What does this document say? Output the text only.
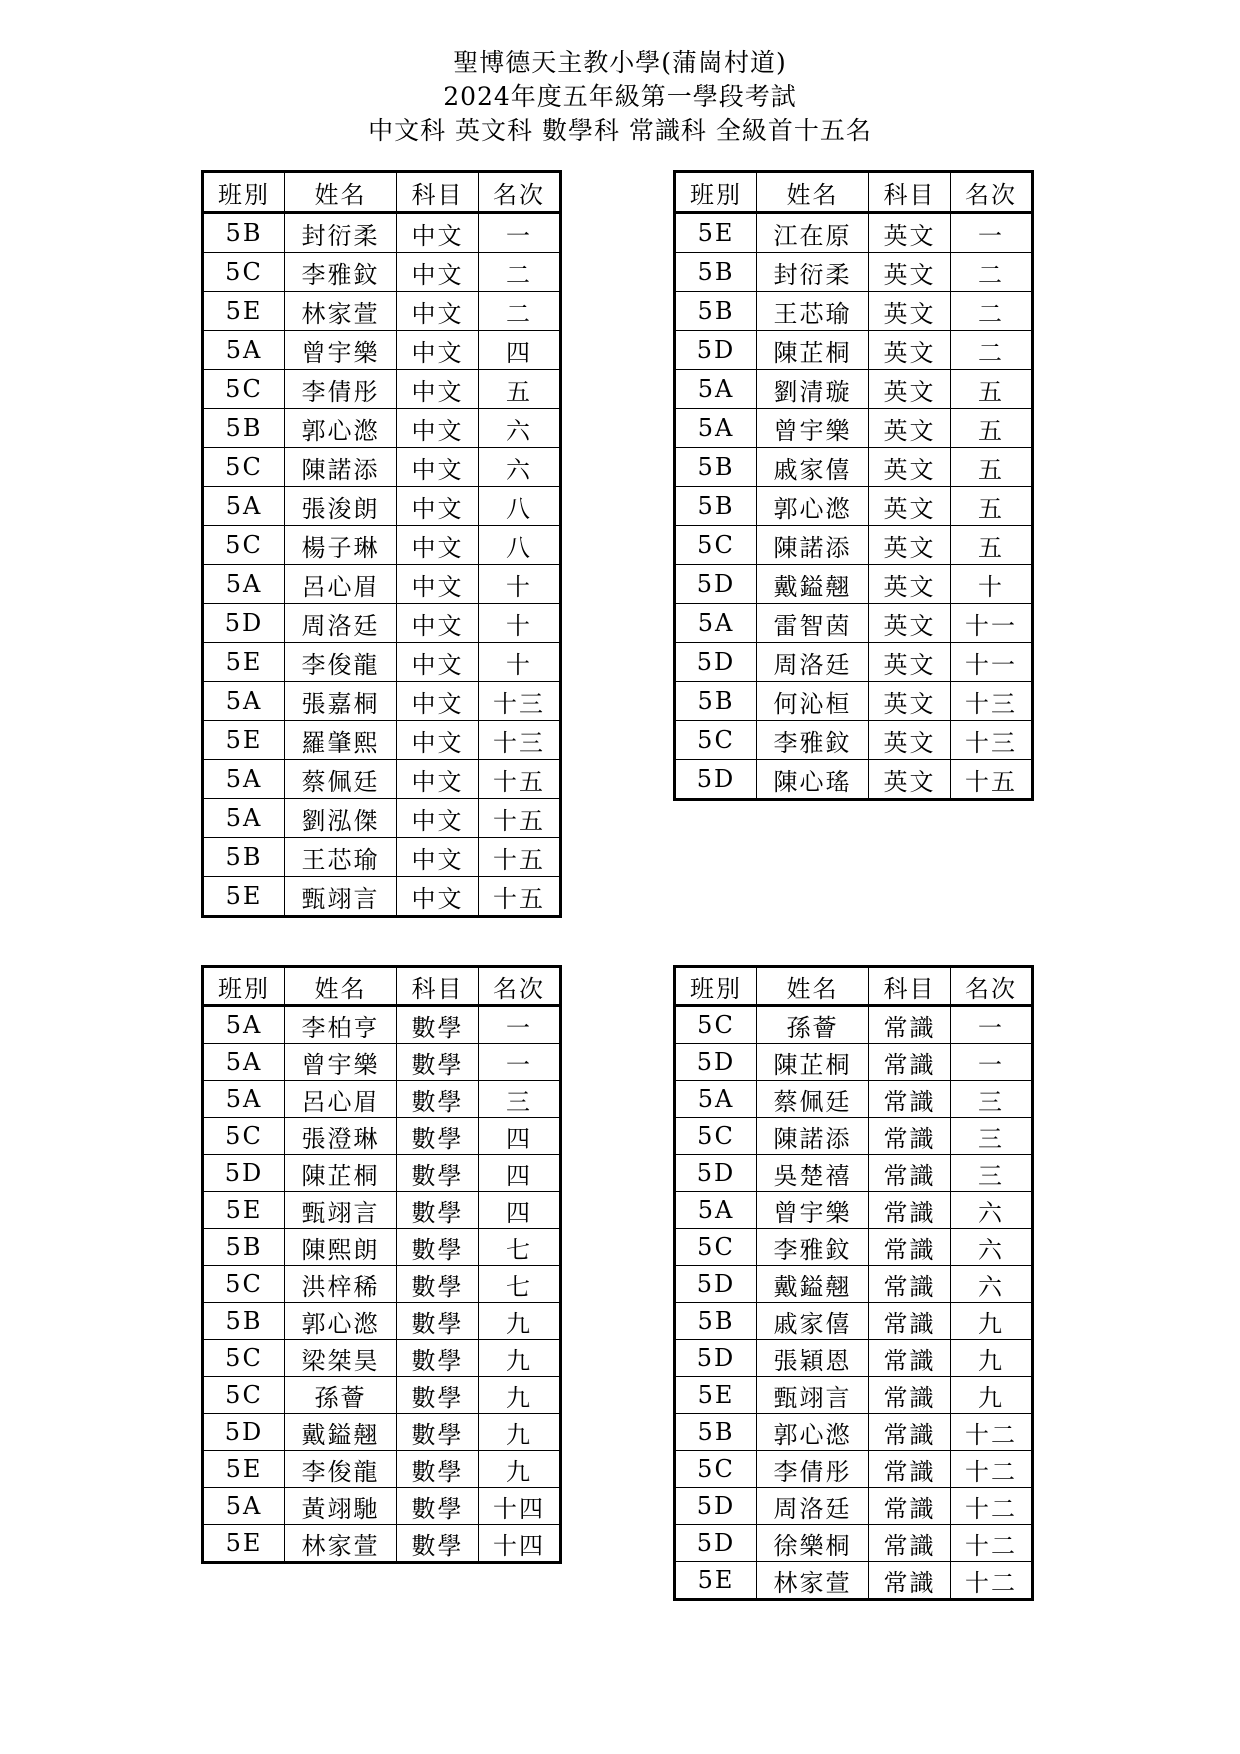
聖博德天主教小學(蒲崗村道)
2024年度五年級第一學段考試
中文科 英文科 數學科 常識科 全級首十五名
班別	姓名	科目	名次
5B	封衍柔	中文	一
5C	李雅鈫	中文	二
5E	林家萱	中文	二
5A	曾宇樂	中文	四
5C	李倩彤	中文	五
5B	郭心滺	中文	六
5C	陳諾添	中文	六
5A	張浚朗	中文	八
5C	楊子琳	中文	八
5A	呂心眉	中文	十
5D	周洛廷	中文	十
5E	李俊龍	中文	十
5A	張嘉桐	中文	十三
5E	羅肇熙	中文	十三
5A	蔡佩廷	中文	十五
5A	劉泓傑	中文	十五
5B	王芯瑜	中文	十五
5E	甄翊言	中文	十五
班別	姓名	科目	名次
5E	江在原	英文	一
5B	封衍柔	英文	二
5B	王芯瑜	英文	二
5D	陳芷桐	英文	二
5A	劉清璇	英文	五
5A	曾宇樂	英文	五
5B	戚家僖	英文	五
5B	郭心滺	英文	五
5C	陳諾添	英文	五
5D	戴鎰翹	英文	十
5A	雷智茵	英文	十一
5D	周洛廷	英文	十一
5B	何沁桓	英文	十三
5C	李雅鈫	英文	十三
5D	陳心瑤	英文	十五
班別	姓名	科目	名次
5A	李柏亨	數學	一
5A	曾宇樂	數學	一
5A	呂心眉	數學	三
5C	張澄琳	數學	四
5D	陳芷桐	數學	四
5E	甄翊言	數學	四
5B	陳熙朗	數學	七
5C	洪梓稀	數學	七
5B	郭心滺	數學	九
5C	梁桀昊	數學	九
5C	孫薈	數學	九
5D	戴鎰翹	數學	九
5E	李俊龍	數學	九
5A	黃翊馳	數學	十四
5E	林家萱	數學	十四
班別	姓名	科目	名次
5C	孫薈	常識	一
5D	陳芷桐	常識	一
5A	蔡佩廷	常識	三
5C	陳諾添	常識	三
5D	吳楚禧	常識	三
5A	曾宇樂	常識	六
5C	李雅鈫	常識	六
5D	戴鎰翹	常識	六
5B	戚家僖	常識	九
5D	張穎恩	常識	九
5E	甄翊言	常識	九
5B	郭心滺	常識	十二
5C	李倩彤	常識	十二
5D	周洛廷	常識	十二
5D	徐樂桐	常識	十二
5E	林家萱	常識	十二
